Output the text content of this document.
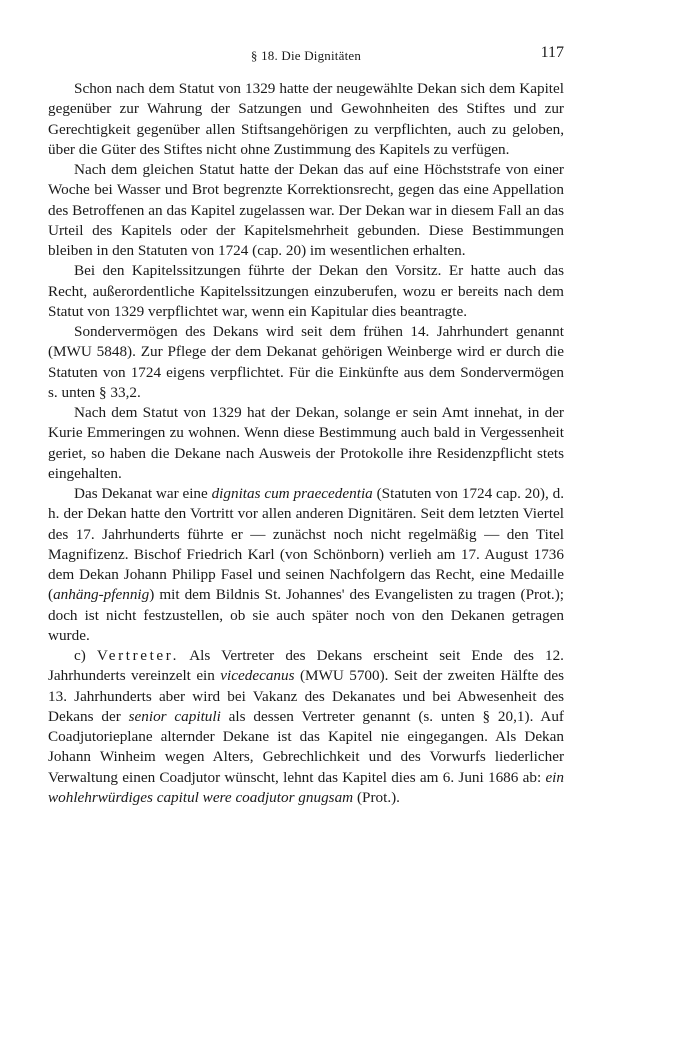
§ 18. Die Dignitäten	117

Schon nach dem Statut von 1329 hatte der neugewählte Dekan sich dem Kapitel gegenüber zur Wahrung der Satzungen und Gewohnheiten des Stiftes und zur Gerechtigkeit gegenüber allen Stiftsangehörigen zu verpflichten, auch zu geloben, über die Güter des Stiftes nicht ohne Zustimmung des Kapitels zu verfügen.

Nach dem gleichen Statut hatte der Dekan das auf eine Höchststrafe von einer Woche bei Wasser und Brot begrenzte Korrektionsrecht, gegen das eine Appellation des Betroffenen an das Kapitel zugelassen war. Der Dekan war in diesem Fall an das Urteil des Kapitels oder der Kapitelsmehrheit gebunden. Diese Bestimmungen bleiben in den Statuten von 1724 (cap. 20) im wesentlichen erhalten.

Bei den Kapitelssitzungen führte der Dekan den Vorsitz. Er hatte auch das Recht, außerordentliche Kapitelssitzungen einzuberufen, wozu er bereits nach dem Statut von 1329 verpflichtet war, wenn ein Kapitular dies beantragte.

Sondervermögen des Dekans wird seit dem frühen 14. Jahrhundert genannt (MWU 5848). Zur Pflege der dem Dekanat gehörigen Weinberge wird er durch die Statuten von 1724 eigens verpflichtet. Für die Einkünfte aus dem Sondervermögen s. unten § 33,2.

Nach dem Statut von 1329 hat der Dekan, solange er sein Amt innehat, in der Kurie Emmeringen zu wohnen. Wenn diese Bestimmung auch bald in Vergessenheit geriet, so haben die Dekane nach Ausweis der Protokolle ihre Residenzpflicht stets eingehalten.

Das Dekanat war eine dignitas cum praecedentia (Statuten von 1724 cap. 20), d. h. der Dekan hatte den Vortritt vor allen anderen Dignitären. Seit dem letzten Viertel des 17. Jahrhunderts führte er — zunächst noch nicht regelmäßig — den Titel Magnifizenz. Bischof Friedrich Karl (von Schönborn) verlieh am 17. August 1736 dem Dekan Johann Philipp Fasel und seinen Nachfolgern das Recht, eine Medaille (anhäng-pfennig) mit dem Bildnis St. Johannes' des Evangelisten zu tragen (Prot.); doch ist nicht festzustellen, ob sie auch später noch von den Dekanen getragen wurde.

c) Vertreter. Als Vertreter des Dekans erscheint seit Ende des 12. Jahrhunderts vereinzelt ein vicedecanus (MWU 5700). Seit der zweiten Hälfte des 13. Jahrhunderts aber wird bei Vakanz des Dekanates und bei Abwesenheit des Dekans der senior capituli als dessen Vertreter genannt (s. unten § 20,1). Auf Coadjutorieplane alternder Dekane ist das Kapitel nie eingegangen. Als Dekan Johann Winheim wegen Alters, Gebrechlichkeit und des Vorwurfs liederlicher Verwaltung einen Coadjutor wünscht, lehnt das Kapitel dies am 6. Juni 1686 ab: ein wohlehrwürdiges capitul were coadjutor gnugsam (Prot.).
